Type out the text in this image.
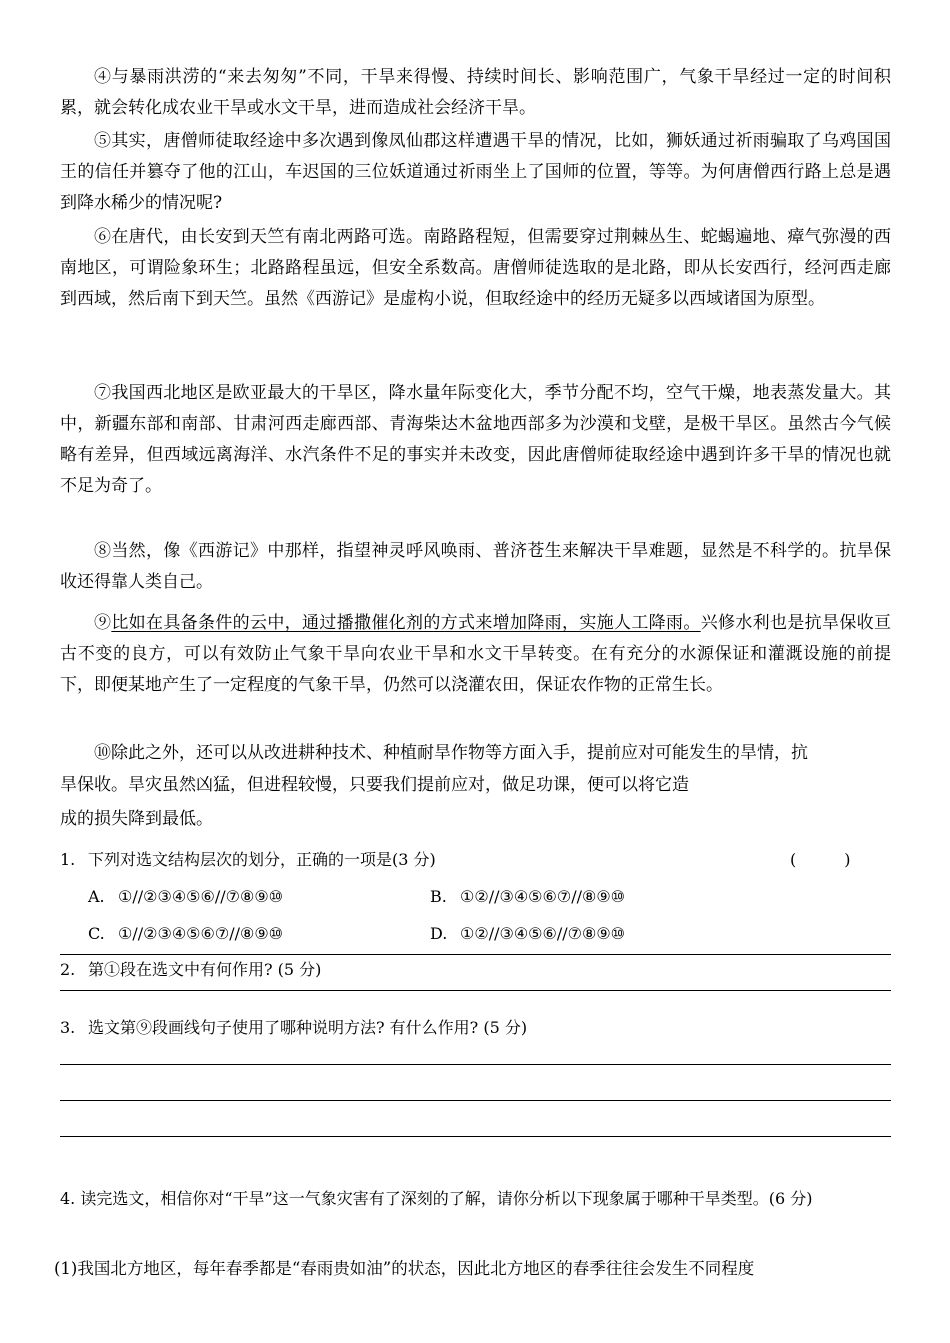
④与暴雨洪涝的“来去匆匆”不同，干旱来得慢、持续时间长、影响范围广，气象干旱经过一定的时间积累，就会转化成农业干旱或水文干旱，进而造成社会经济干旱。

⑤其实，唐僧师徒取经途中多次遇到像凤仙郡这样遭遇干旱的情况，比如，狮妖通过祈雨骗取了乌鸡国国王的信任并篡夺了他的江山，车迟国的三位妖道通过祈雨坐上了国师的位置，等等。为何唐僧西行路上总是遇到降水稀少的情况呢?

⑥在唐代，由长安到天竺有南北两路可选。南路路程短，但需要穿过荆棘丛生、蛇蝎遍地、瘴气弥漫的西南地区，可谓险象环生；北路路程虽远，但安全系数高。唐僧师徒选取的是北路，即从长安西行，经河西走廊到西域，然后南下到天竺。虽然《西游记》是虚构小说，但取经途中的经历无疑多以西域诸国为原型。

⑦我国西北地区是欧亚最大的干旱区，降水量年际变化大，季节分配不均，空气干燥，地表蒸发量大。其中，新疆东部和南部、甘肃河西走廊西部、青海柴达木盆地西部多为沙漠和戈壁，是极干旱区。虽然古今气候略有差异，但西域远离海洋、水汽条件不足的事实并未改变，因此唐僧师徒取经途中遇到许多干旱的情况也就不足为奇了。

⑧当然，像《西游记》中那样，指望神灵呼风唤雨、普济苍生来解决干旱难题，显然是不科学的。抗旱保收还得靠人类自己。

⑨比如在具备条件的云中，通过播撒催化剂的方式来增加降雨，实施人工降雨。兴修水利也是抗旱保收亘古不变的良方，可以有效防止气象干旱向农业干旱和水文干旱转变。在有充分的水源保证和灌溉设施的前提下，即便某地产生了一定程度的气象干旱，仍然可以浇灌农田，保证农作物的正常生长。

⑩除此之外，还可以从改进耕种技术、种植耐旱作物等方面入手，提前应对可能发生的旱情，抗
旱保收。旱灾虽然凶猛，但进程较慢，只要我们提前应对，做足功课，便可以将它造
成的损失降到最低。
1. 下列对选文结构层次的划分，正确的一项是(3 分)	(　　　)
A. ①//②③④⑤⑥//⑦⑧⑨⑩	B. ①②//③④⑤⑥⑦//⑧⑨⑩
C. ①//②③④⑤⑥⑦//⑧⑨⑩	D. ①②//③④⑤⑥//⑦⑧⑨⑩
2. 第①段在选文中有何作用? (5 分)
3. 选文第⑨段画线句子使用了哪种说明方法? 有什么作用? (5 分)
4. 读完选文，相信你对“干旱”这一气象灾害有了深刻的了解，请你分析以下现象属于哪种干旱类型。(6 分)
(1)我国北方地区，每年春季都是“春雨贵如油”的状态，因此北方地区的春季往往会发生不同程度
